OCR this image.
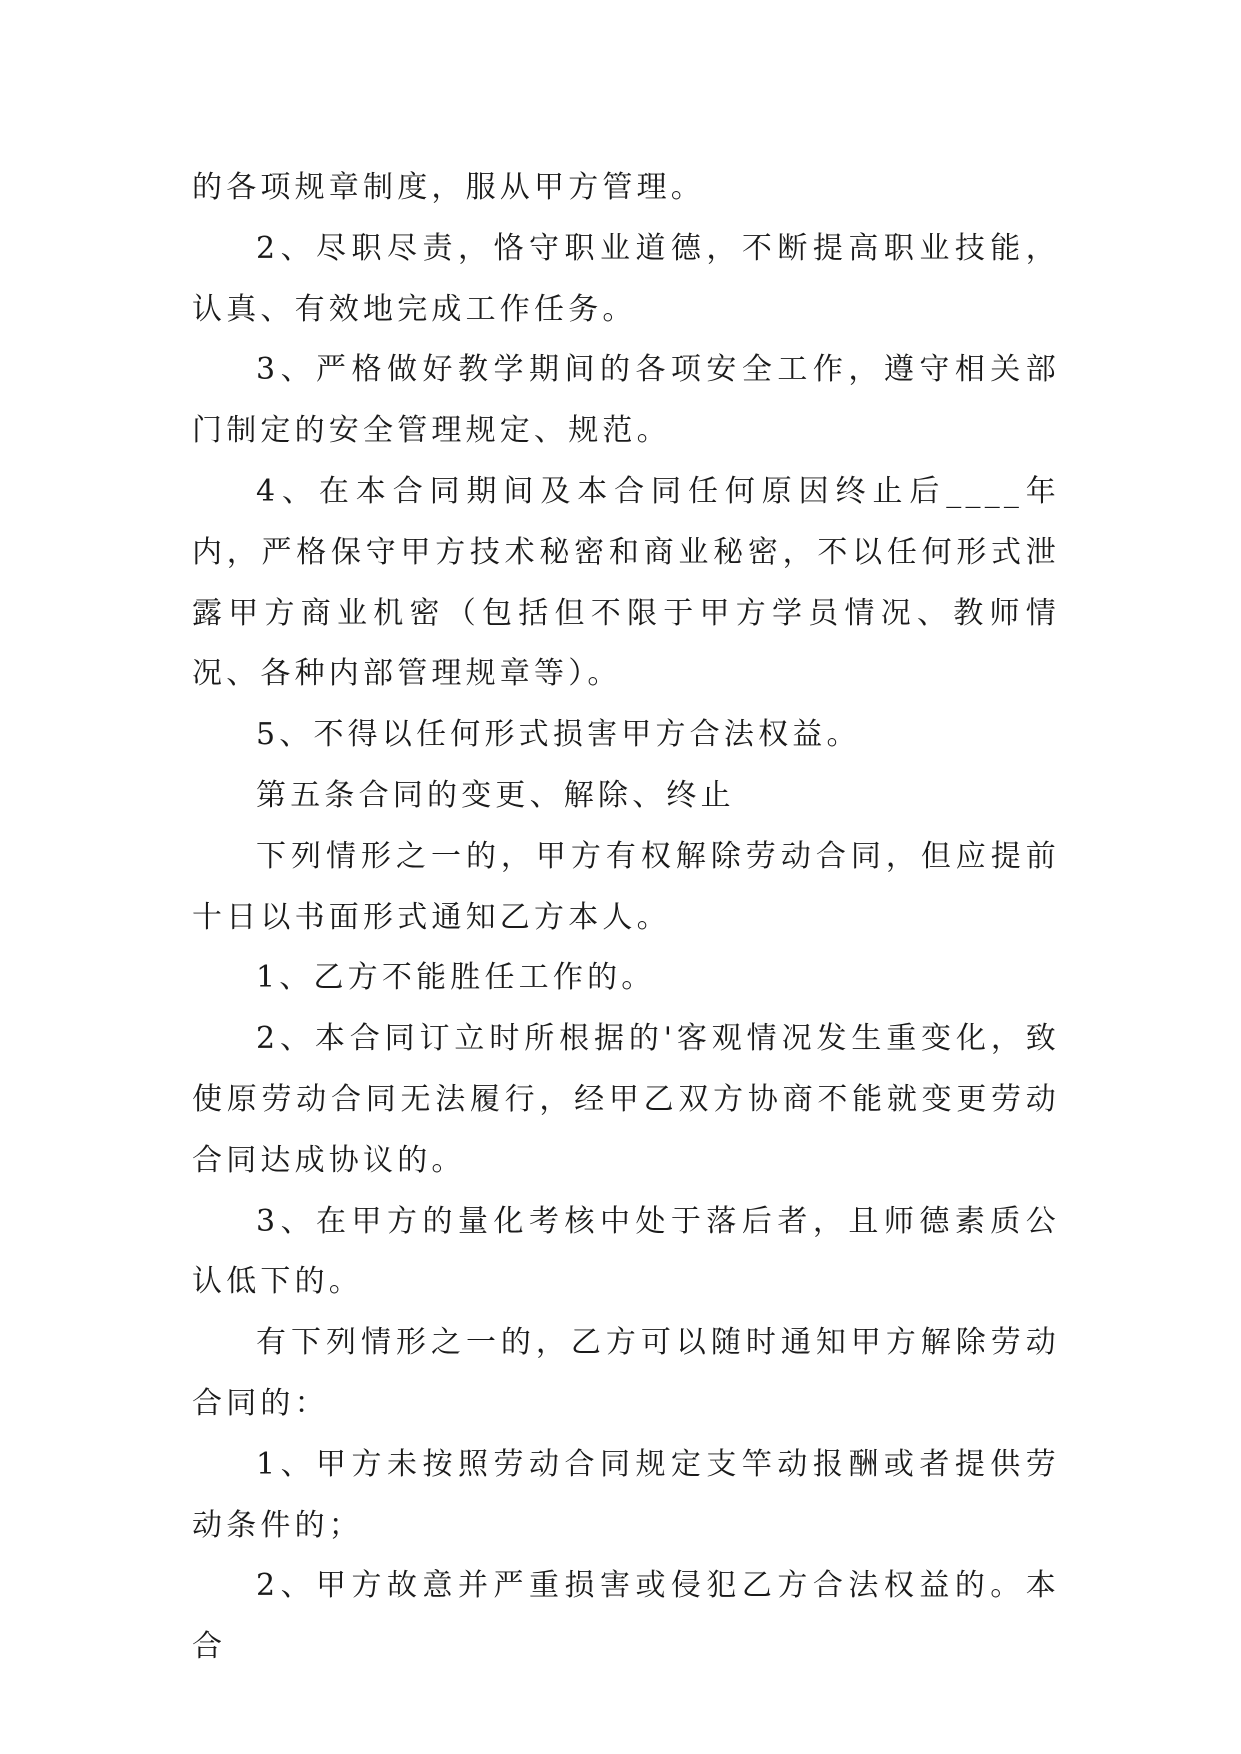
的各项规章制度，服从甲方管理。

2、尽职尽责，恪守职业道德，不断提高职业技能，认真、有效地完成工作任务。

3、严格做好教学期间的各项安全工作，遵守相关部门制定的安全管理规定、规范。

4、在本合同期间及本合同任何原因终止后____年内，严格保守甲方技术秘密和商业秘密，不以任何形式泄露甲方商业机密（包括但不限于甲方学员情况、教师情况、各种内部管理规章等）。

5、不得以任何形式损害甲方合法权益。

第五条合同的变更、解除、终止

下列情形之一的，甲方有权解除劳动合同，但应提前十日以书面形式通知乙方本人。

1、乙方不能胜任工作的。

2、本合同订立时所根据的'客观情况发生重变化，致使原劳动合同无法履行，经甲乙双方协商不能就变更劳动合同达成协议的。

3、在甲方的量化考核中处于落后者，且师德素质公认低下的。

有下列情形之一的，乙方可以随时通知甲方解除劳动合同的：

1、甲方未按照劳动合同规定支竿动报酬或者提供劳动条件的；

2、甲方故意并严重损害或侵犯乙方合法权益的。本合
